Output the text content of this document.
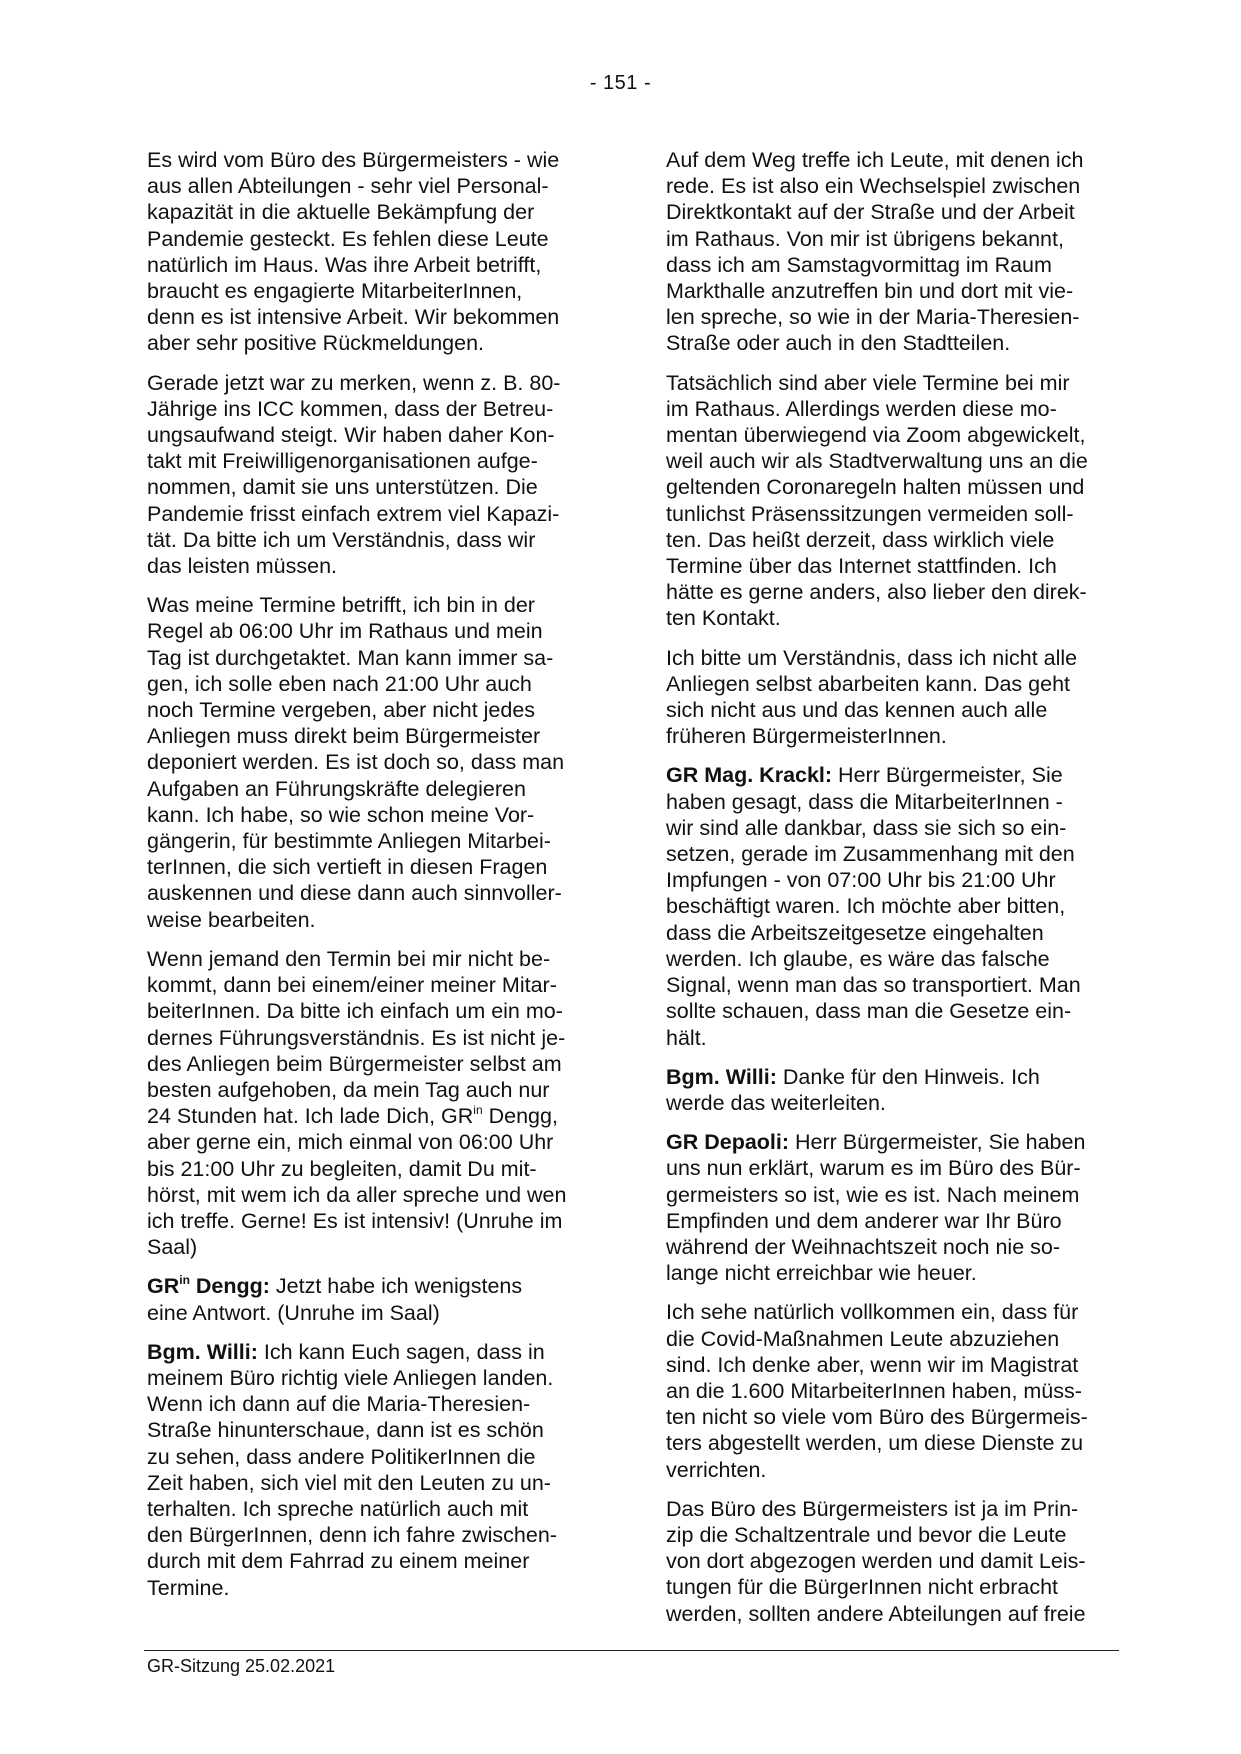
- 151 -

Es wird vom Büro des Bürgermeisters - wie
aus allen Abteilungen - sehr viel Personal-
kapazität in die aktuelle Bekämpfung der
Pandemie gesteckt. Es fehlen diese Leute
natürlich im Haus. Was ihre Arbeit betrifft,
braucht es engagierte MitarbeiterInnen,
denn es ist intensive Arbeit. Wir bekommen
aber sehr positive Rückmeldungen.

Gerade jetzt war zu merken, wenn z. B. 80-
Jährige ins ICC kommen, dass der Betreu-
ungsaufwand steigt. Wir haben daher Kon-
takt mit Freiwilligenorganisationen aufge-
nommen, damit sie uns unterstützen. Die
Pandemie frisst einfach extrem viel Kapazi-
tät. Da bitte ich um Verständnis, dass wir
das leisten müssen.

Was meine Termine betrifft, ich bin in der
Regel ab 06:00 Uhr im Rathaus und mein
Tag ist durchgetaktet. Man kann immer sa-
gen, ich solle eben nach 21:00 Uhr auch
noch Termine vergeben, aber nicht jedes
Anliegen muss direkt beim Bürgermeister
deponiert werden. Es ist doch so, dass man
Aufgaben an Führungskräfte delegieren
kann. Ich habe, so wie schon meine Vor-
gängerin, für bestimmte Anliegen Mitarbei-
terInnen, die sich vertieft in diesen Fragen
auskennen und diese dann auch sinnvoller-
weise bearbeiten.

Wenn jemand den Termin bei mir nicht be-
kommt, dann bei einem/einer meiner Mitar-
beiterInnen. Da bitte ich einfach um ein mo-
dernes Führungsverständnis. Es ist nicht je-
des Anliegen beim Bürgermeister selbst am
besten aufgehoben, da mein Tag auch nur
24 Stunden hat. Ich lade Dich, $GR^{in}$ Dengg,
aber gerne ein, mich einmal von 06:00 Uhr
bis 21:00 Uhr zu begleiten, damit Du mit-
hörst, mit wem ich da aller spreche und wen
ich treffe. Gerne! Es ist intensiv! (Unruhe im
Saal)

$GR^{in}$ Dengg: Jetzt habe ich wenigstens
eine Antwort. (Unruhe im Saal)

Bgm. Willi: Ich kann Euch sagen, dass in
meinem Büro richtig viele Anliegen landen.
Wenn ich dann auf die Maria-Theresien-
Straße hinunterschaue, dann ist es schön
zu sehen, dass andere PolitikerInnen die
Zeit haben, sich viel mit den Leuten zu un-
terhalten. Ich spreche natürlich auch mit
den BürgerInnen, denn ich fahre zwischen-
durch mit dem Fahrrad zu einem meiner
Termine.

Auf dem Weg treffe ich Leute, mit denen ich
rede. Es ist also ein Wechselspiel zwischen
Direktkontakt auf der Straße und der Arbeit
im Rathaus. Von mir ist übrigens bekannt,
dass ich am Samstagvormittag im Raum
Markthalle anzutreffen bin und dort mit vie-
len spreche, so wie in der Maria-Theresien-
Straße oder auch in den Stadtteilen.

Tatsächlich sind aber viele Termine bei mir
im Rathaus. Allerdings werden diese mo-
mentan überwiegend via Zoom abgewickelt,
weil auch wir als Stadtverwaltung uns an die
geltenden Coronaregeln halten müssen und
tunlichst Präsenssitzungen vermeiden soll-
ten. Das heißt derzeit, dass wirklich viele
Termine über das Internet stattfinden. Ich
hätte es gerne anders, also lieber den direk-
ten Kontakt.

Ich bitte um Verständnis, dass ich nicht alle
Anliegen selbst abarbeiten kann. Das geht
sich nicht aus und das kennen auch alle
früheren BürgermeisterInnen.

GR Mag. Krackl: Herr Bürgermeister, Sie
haben gesagt, dass die MitarbeiterInnen -
wir sind alle dankbar, dass sie sich so ein-
setzen, gerade im Zusammenhang mit den
Impfungen - von 07:00 Uhr bis 21:00 Uhr
beschäftigt waren. Ich möchte aber bitten,
dass die Arbeitszeitgesetze eingehalten
werden. Ich glaube, es wäre das falsche
Signal, wenn man das so transportiert. Man
sollte schauen, dass man die Gesetze ein-
hält.

Bgm. Willi: Danke für den Hinweis. Ich
werde das weiterleiten.

GR Depaoli: Herr Bürgermeister, Sie haben
uns nun erklärt, warum es im Büro des Bür-
germeisters so ist, wie es ist. Nach meinem
Empfinden und dem anderer war Ihr Büro
während der Weihnachtszeit noch nie so-
lange nicht erreichbar wie heuer.

Ich sehe natürlich vollkommen ein, dass für
die Covid-Maßnahmen Leute abzuziehen
sind. Ich denke aber, wenn wir im Magistrat
an die 1.600 MitarbeiterInnen haben, müss-
ten nicht so viele vom Büro des Bürgermeis-
ters abgestellt werden, um diese Dienste zu
verrichten.

Das Büro des Bürgermeisters ist ja im Prin-
zip die Schaltzentrale und bevor die Leute
von dort abgezogen werden und damit Leis-
tungen für die BürgerInnen nicht erbracht
werden, sollten andere Abteilungen auf freie

GR-Sitzung 25.02.2021
